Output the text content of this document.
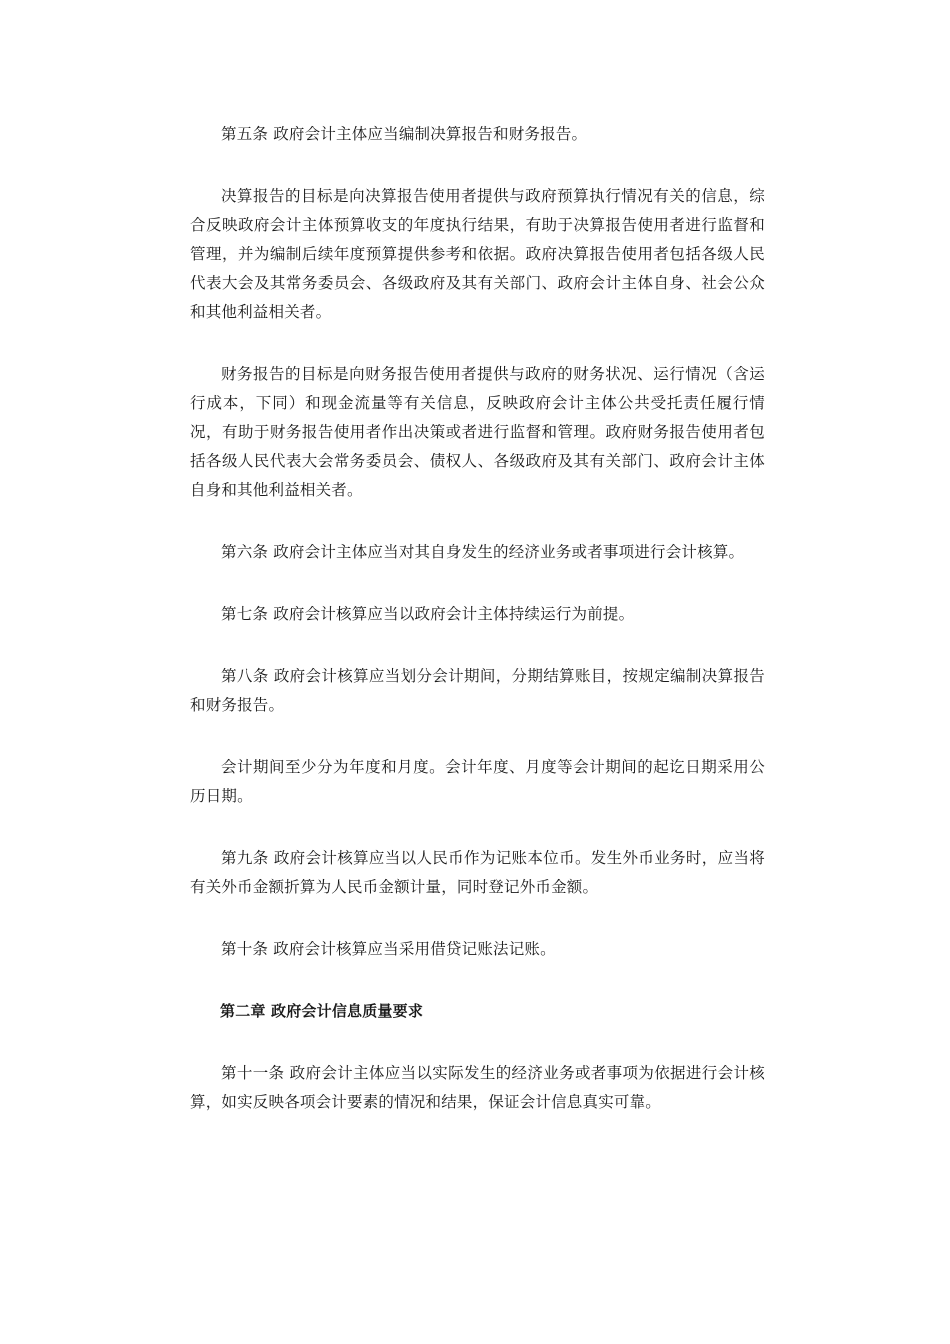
第五条 政府会计主体应当编制决算报告和财务报告。

决算报告的目标是向决算报告使用者提供与政府预算执行情况有关的信息，综合反映政府会计主体预算收支的年度执行结果，有助于决算报告使用者进行监督和管理，并为编制后续年度预算提供参考和依据。政府决算报告使用者包括各级人民代表大会及其常务委员会、各级政府及其有关部门、政府会计主体自身、社会公众和其他利益相关者。

财务报告的目标是向财务报告使用者提供与政府的财务状况、运行情况（含运行成本，下同）和现金流量等有关信息，反映政府会计主体公共受托责任履行情况，有助于财务报告使用者作出决策或者进行监督和管理。政府财务报告使用者包括各级人民代表大会常务委员会、债权人、各级政府及其有关部门、政府会计主体自身和其他利益相关者。

第六条 政府会计主体应当对其自身发生的经济业务或者事项进行会计核算。

第七条 政府会计核算应当以政府会计主体持续运行为前提。

第八条 政府会计核算应当划分会计期间，分期结算账目，按规定编制决算报告和财务报告。

会计期间至少分为年度和月度。会计年度、月度等会计期间的起讫日期采用公历日期。

第九条 政府会计核算应当以人民币作为记账本位币。发生外币业务时，应当将有关外币金额折算为人民币金额计量，同时登记外币金额。

第十条 政府会计核算应当采用借贷记账法记账。

第二章 政府会计信息质量要求

第十一条 政府会计主体应当以实际发生的经济业务或者事项为依据进行会计核算，如实反映各项会计要素的情况和结果，保证会计信息真实可靠。
